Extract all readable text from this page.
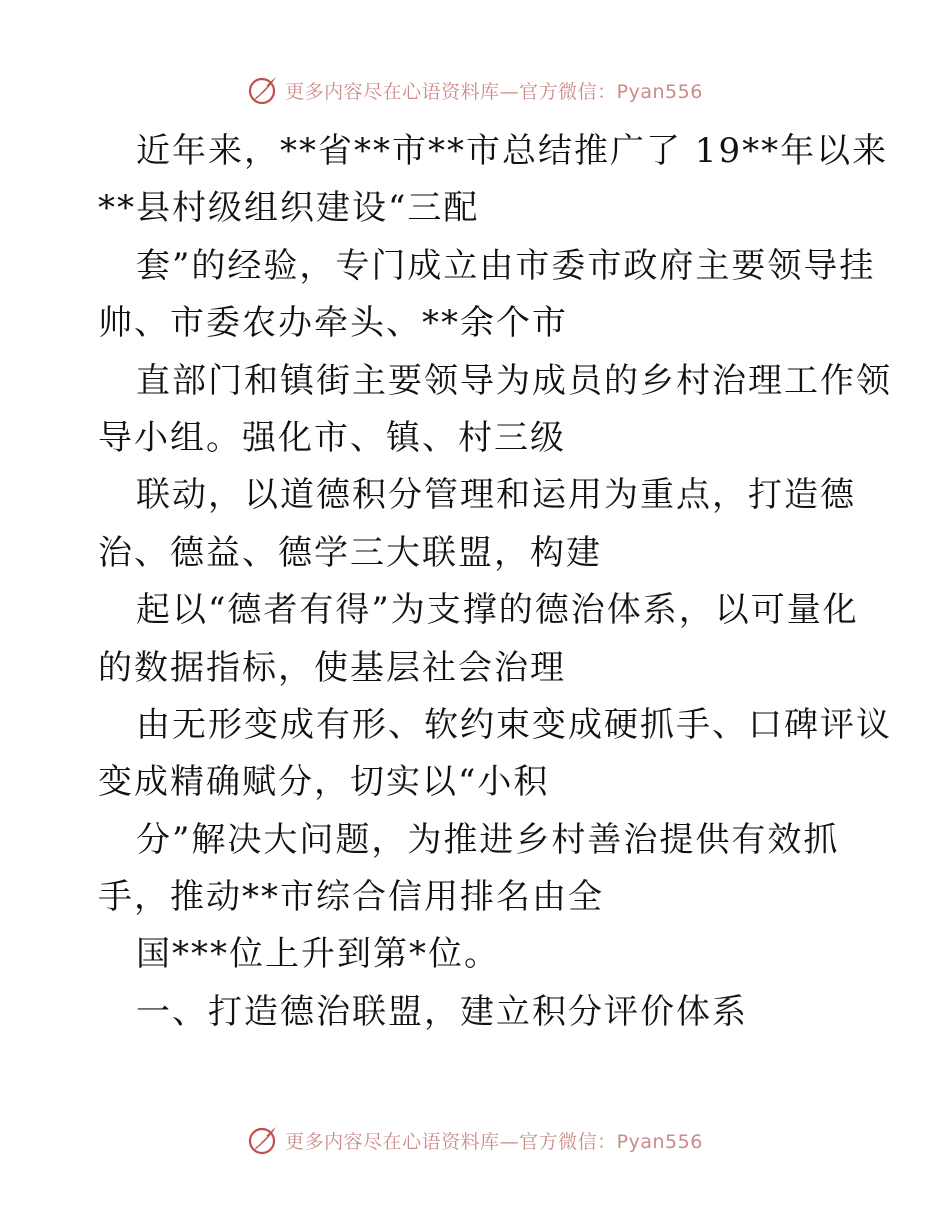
更多内容尽在心语资料库—官方微信：Pyan556
近年来，**省**市**市总结推广了 19**年以来
**县村级组织建设“三配
套”的经验，专门成立由市委市政府主要领导挂
帅、市委农办牵头、**余个市
直部门和镇街主要领导为成员的乡村治理工作领
导小组。强化市、镇、村三级
联动，以道德积分管理和运用为重点，打造德
治、德益、德学三大联盟，构建
起以“德者有得”为支撑的德治体系，以可量化
的数据指标，使基层社会治理
由无形变成有形、软约束变成硬抓手、口碑评议
变成精确赋分，切实以“小积
分”解决大问题，为推进乡村善治提供有效抓
手，推动**市综合信用排名由全
国***位上升到第*位。
一、打造德治联盟，建立积分评价体系
更多内容尽在心语资料库—官方微信：Pyan556
